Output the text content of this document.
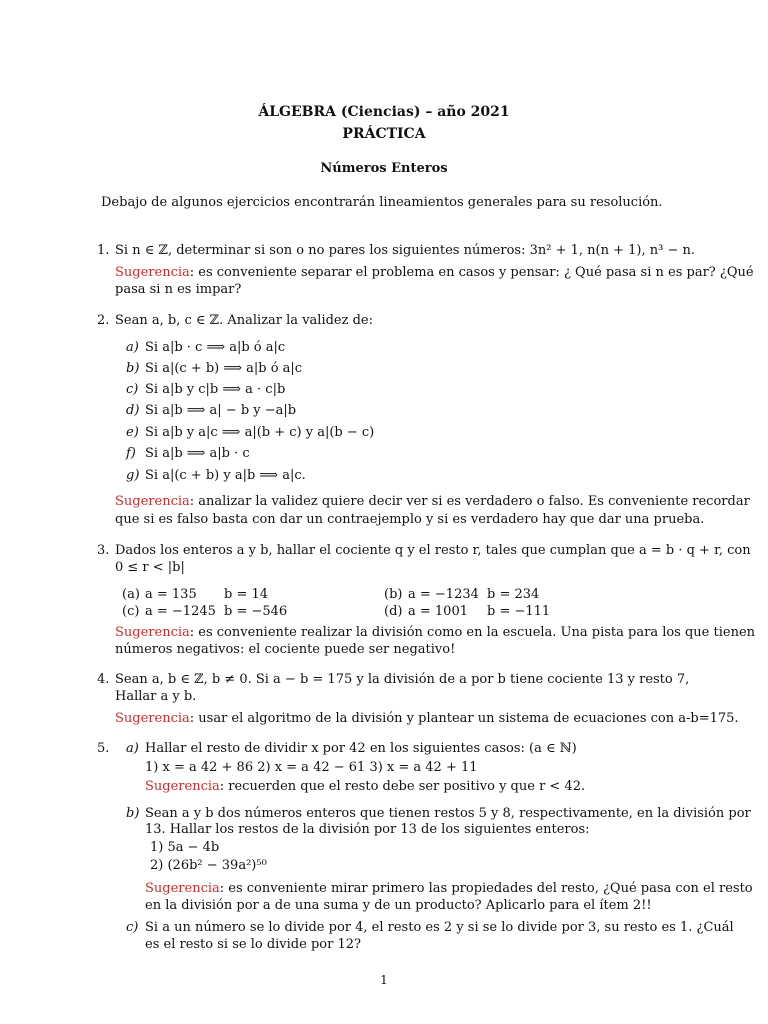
ÁLGEBRA (Ciencias) – año 2021
PRÁCTICA
Números Enteros
Debajo de algunos ejercicios encontrarán lineamientos generales para su resolución.
1. Si n ∈ ℤ, determinar si son o no pares los siguientes números: 3n² + 1, n(n + 1), n³ − n.
Sugerencia: es conveniente separar el problema en casos y pensar: ¿ Qué pasa si n es par? ¿Qué
pasa si n es impar?
2. Sean a, b, c ∈ ℤ. Analizar la validez de:
a) Si a|b · c ⟹ a|b ó a|c
b) Si a|(c + b) ⟹ a|b ó a|c
c) Si a|b y c|b ⟹ a · c|b
d) Si a|b ⟹ a| − b y −a|b
e) Si a|b y a|c ⟹ a|(b + c) y a|(b − c)
f) Si a|b ⟹ a|b · c
g) Si a|(c + b) y a|b ⟹ a|c.
Sugerencia: analizar la validez quiere decir ver si es verdadero o falso. Es conveniente recordar
que si es falso basta con dar un contraejemplo y si es verdadero hay que dar una prueba.
3. Dados los enteros a y b, hallar el cociente q y el resto r, tales que cumplan que a = b · q + r, con
0 ≤ r < |b|
(a) a = 135 b = 14	(b) a = −1234 b = 234
(c) a = −1245 b = −546	(d) a = 1001 b = −111
Sugerencia: es conveniente realizar la división como en la escuela. Una pista para los que tienen
números negativos: el cociente puede ser negativo!
4. Sean a, b ∈ ℤ, b ≠ 0. Si a − b = 175 y la división de a por b tiene cociente 13 y resto 7,
Hallar a y b.
Sugerencia: usar el algoritmo de la división y plantear un sistema de ecuaciones con a-b=175.
5. a) Hallar el resto de dividir x por 42 en los siguientes casos: (a ∈ ℕ)
1) x = a 42 + 86 2) x = a 42 − 61 3) x = a 42 + 11
Sugerencia: recuerden que el resto debe ser positivo y que r < 42.
b) Sean a y b dos números enteros que tienen restos 5 y 8, respectivamente, en la división por
13. Hallar los restos de la división por 13 de los siguientes enteros:
1) 5a − 4b
2) (26b² − 39a²)⁵⁰
Sugerencia: es conveniente mirar primero las propiedades del resto, ¿Qué pasa con el resto
en la división por a de una suma y de un producto? Aplicarlo para el ítem 2!!
c) Si a un número se lo divide por 4, el resto es 2 y si se lo divide por 3, su resto es 1. ¿Cuál
es el resto si se lo divide por 12?
1
